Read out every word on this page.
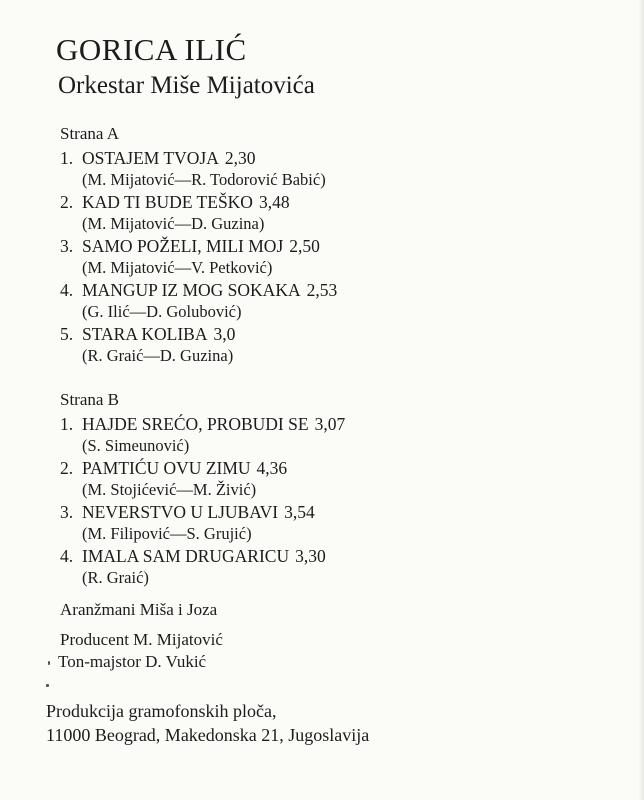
GORICA ILIĆ
Orkestar Miše Mijatovića
Strana A
1. OSTAJEM TVOJA 2,30
(M. Mijatović—R. Todorović Babić)
2. KAD TI BUDE TEŠKO 3,48
(M. Mijatović—D. Guzina)
3. SAMO POŽELI, MILI MOJ 2,50
(M. Mijatović—V. Petković)
4. MANGUP IZ MOG SOKAKA 2,53
(G. Ilić—D. Golubović)
5. STARA KOLIBA 3,0
(R. Graić—D. Guzina)
Strana B
1. HAJDE SREĆO, PROBUDI SE 3,07
(S. Simeunović)
2. PAMTIĆU OVU ZIMU 4,36
(M. Stojićević—M. Živić)
3. NEVERSTVO U LJUBAVI 3,54
(M. Filipović—S. Grujić)
4. IMALA SAM DRUGARICU 3,30
(R. Graić)
Aranžmani Miša i Joza
Producent M. Mijatović
Ton-majstor D. Vukić
Produkcija gramofonskih ploča,
11000 Beograd, Makedonska 21, Jugoslavija
